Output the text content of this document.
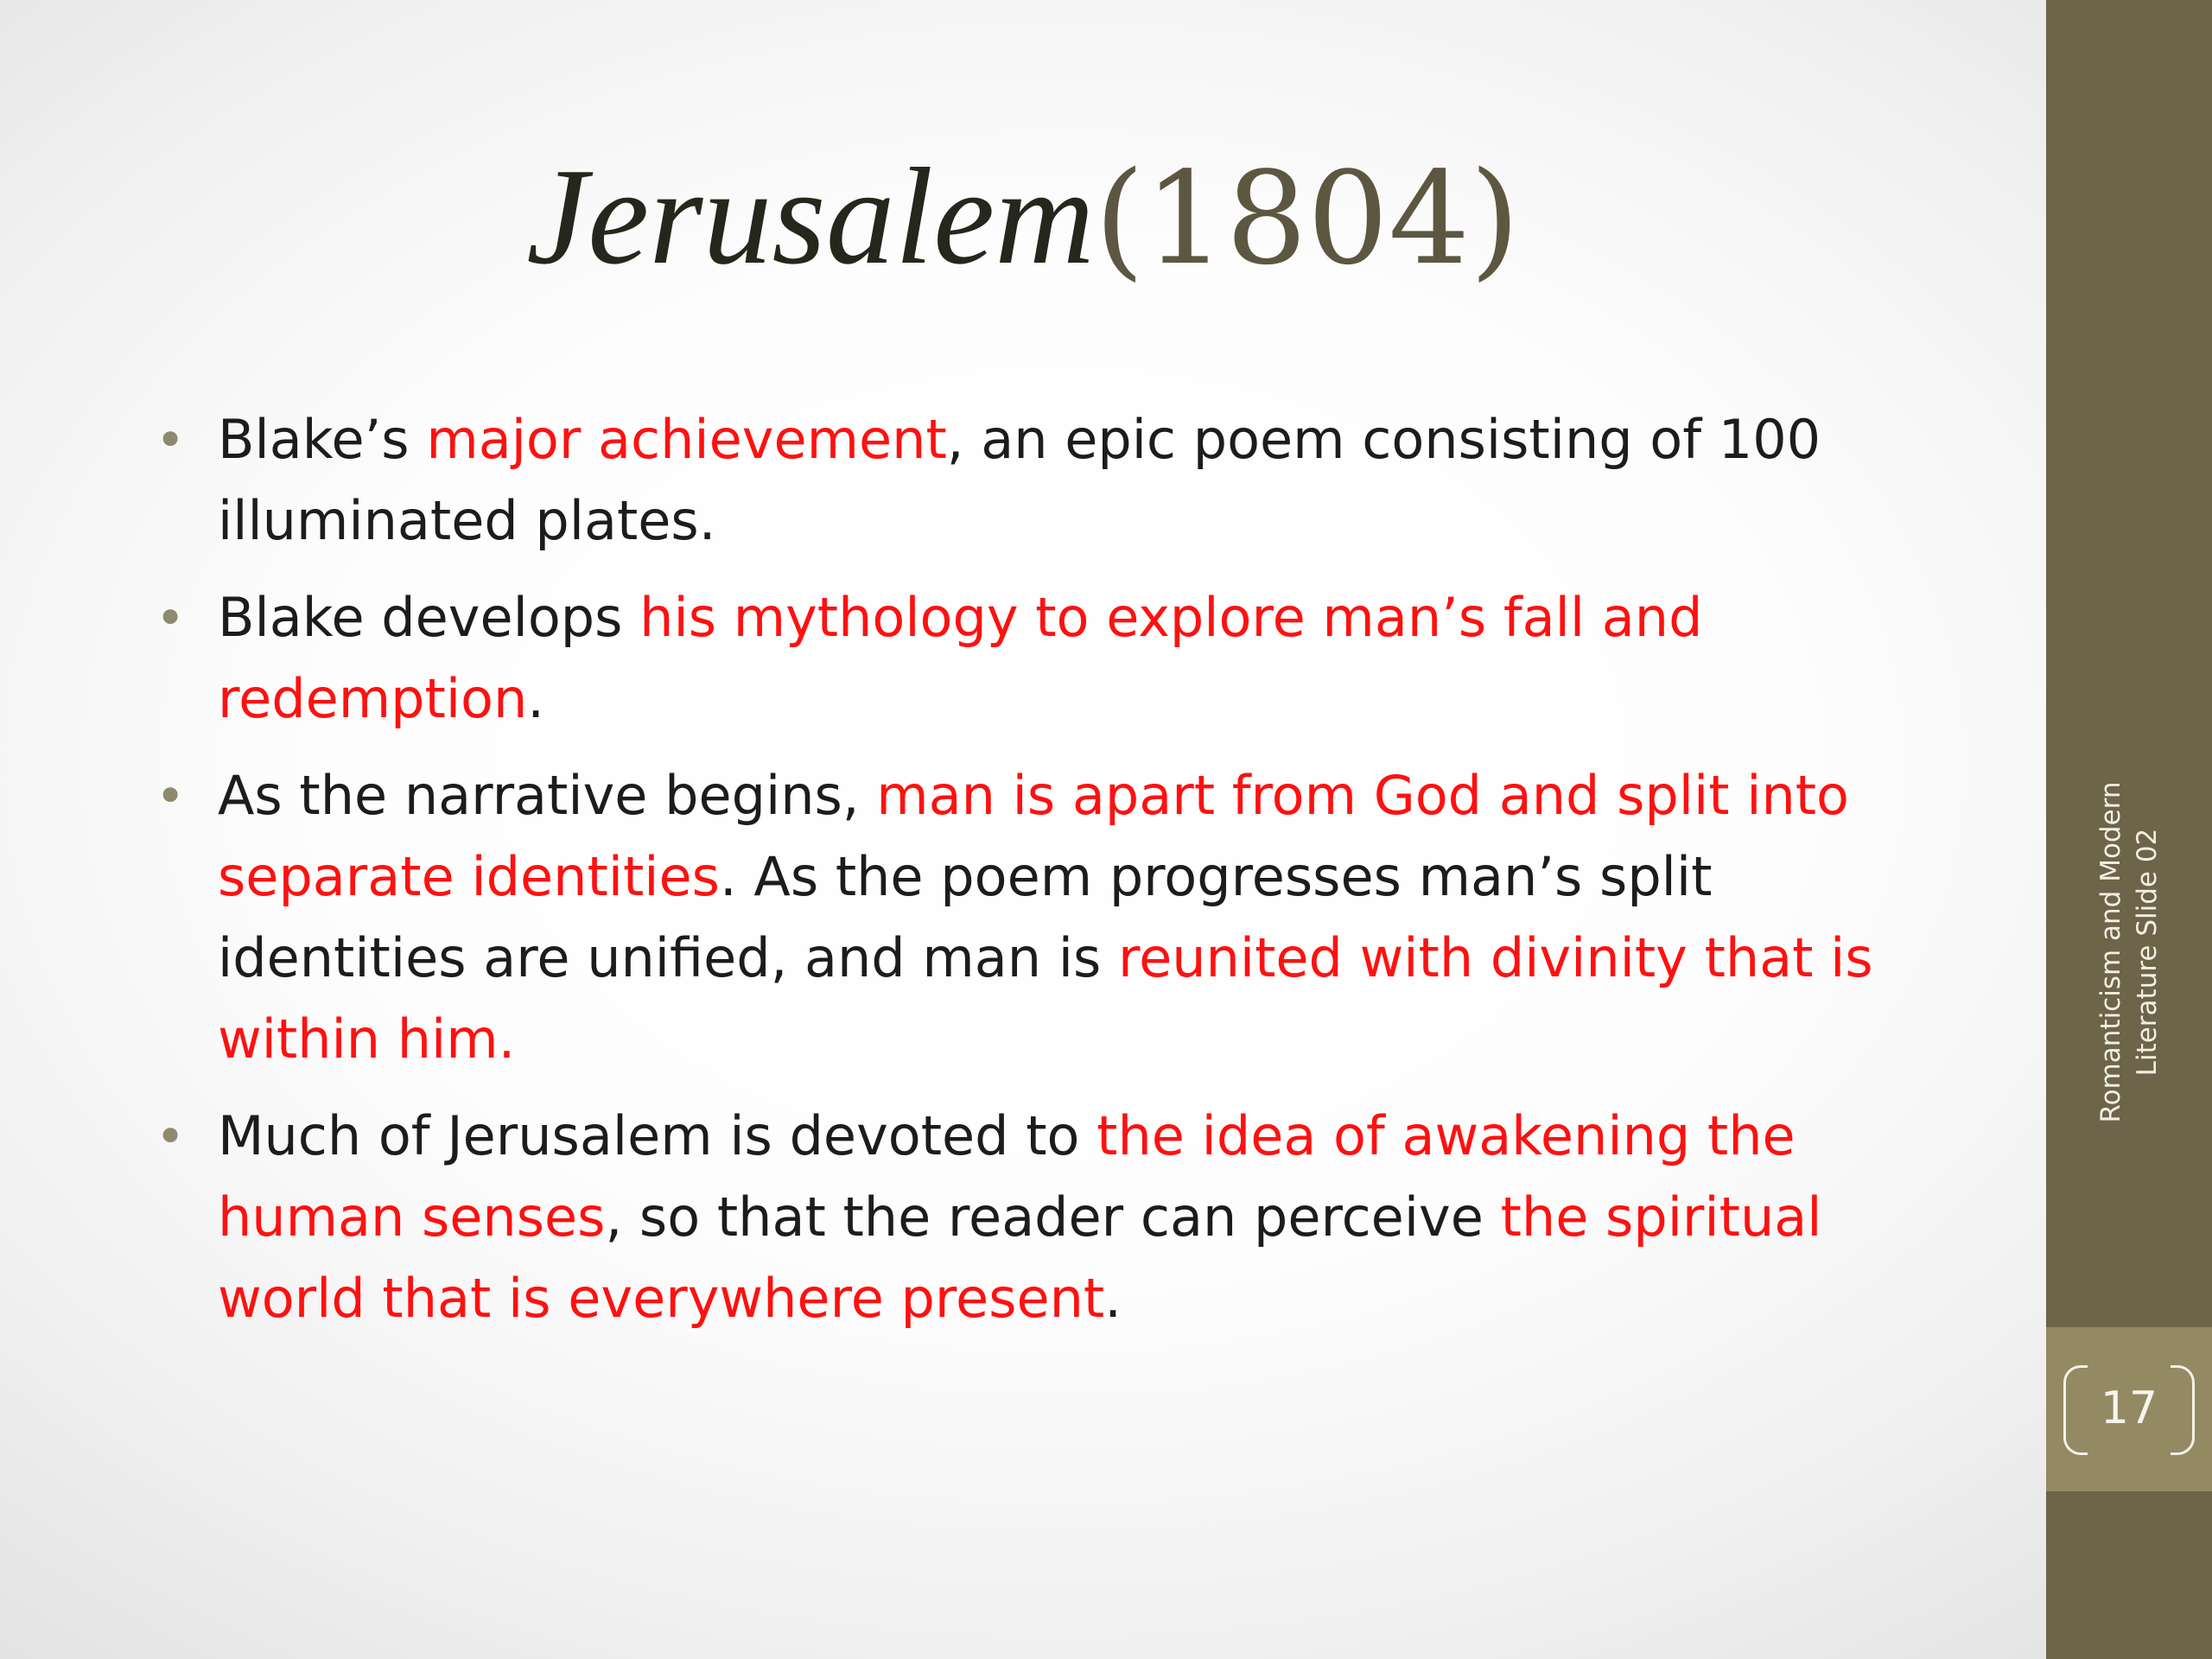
Jerusalem(1804)
• Blake’s major achievement, an epic poem consisting of 100 illuminated plates.
• Blake develops his mythology to explore man’s fall and redemption.
• As the narrative begins, man is apart from God and split into separate identities. As the poem progresses man’s split identities are unified, and man is reunited with divinity that is within him.
• Much of Jerusalem is devoted to the idea of awakening the human senses, so that the reader can perceive the spiritual world that is everywhere present.
Romanticism and Modern Literature Slide 02
17
